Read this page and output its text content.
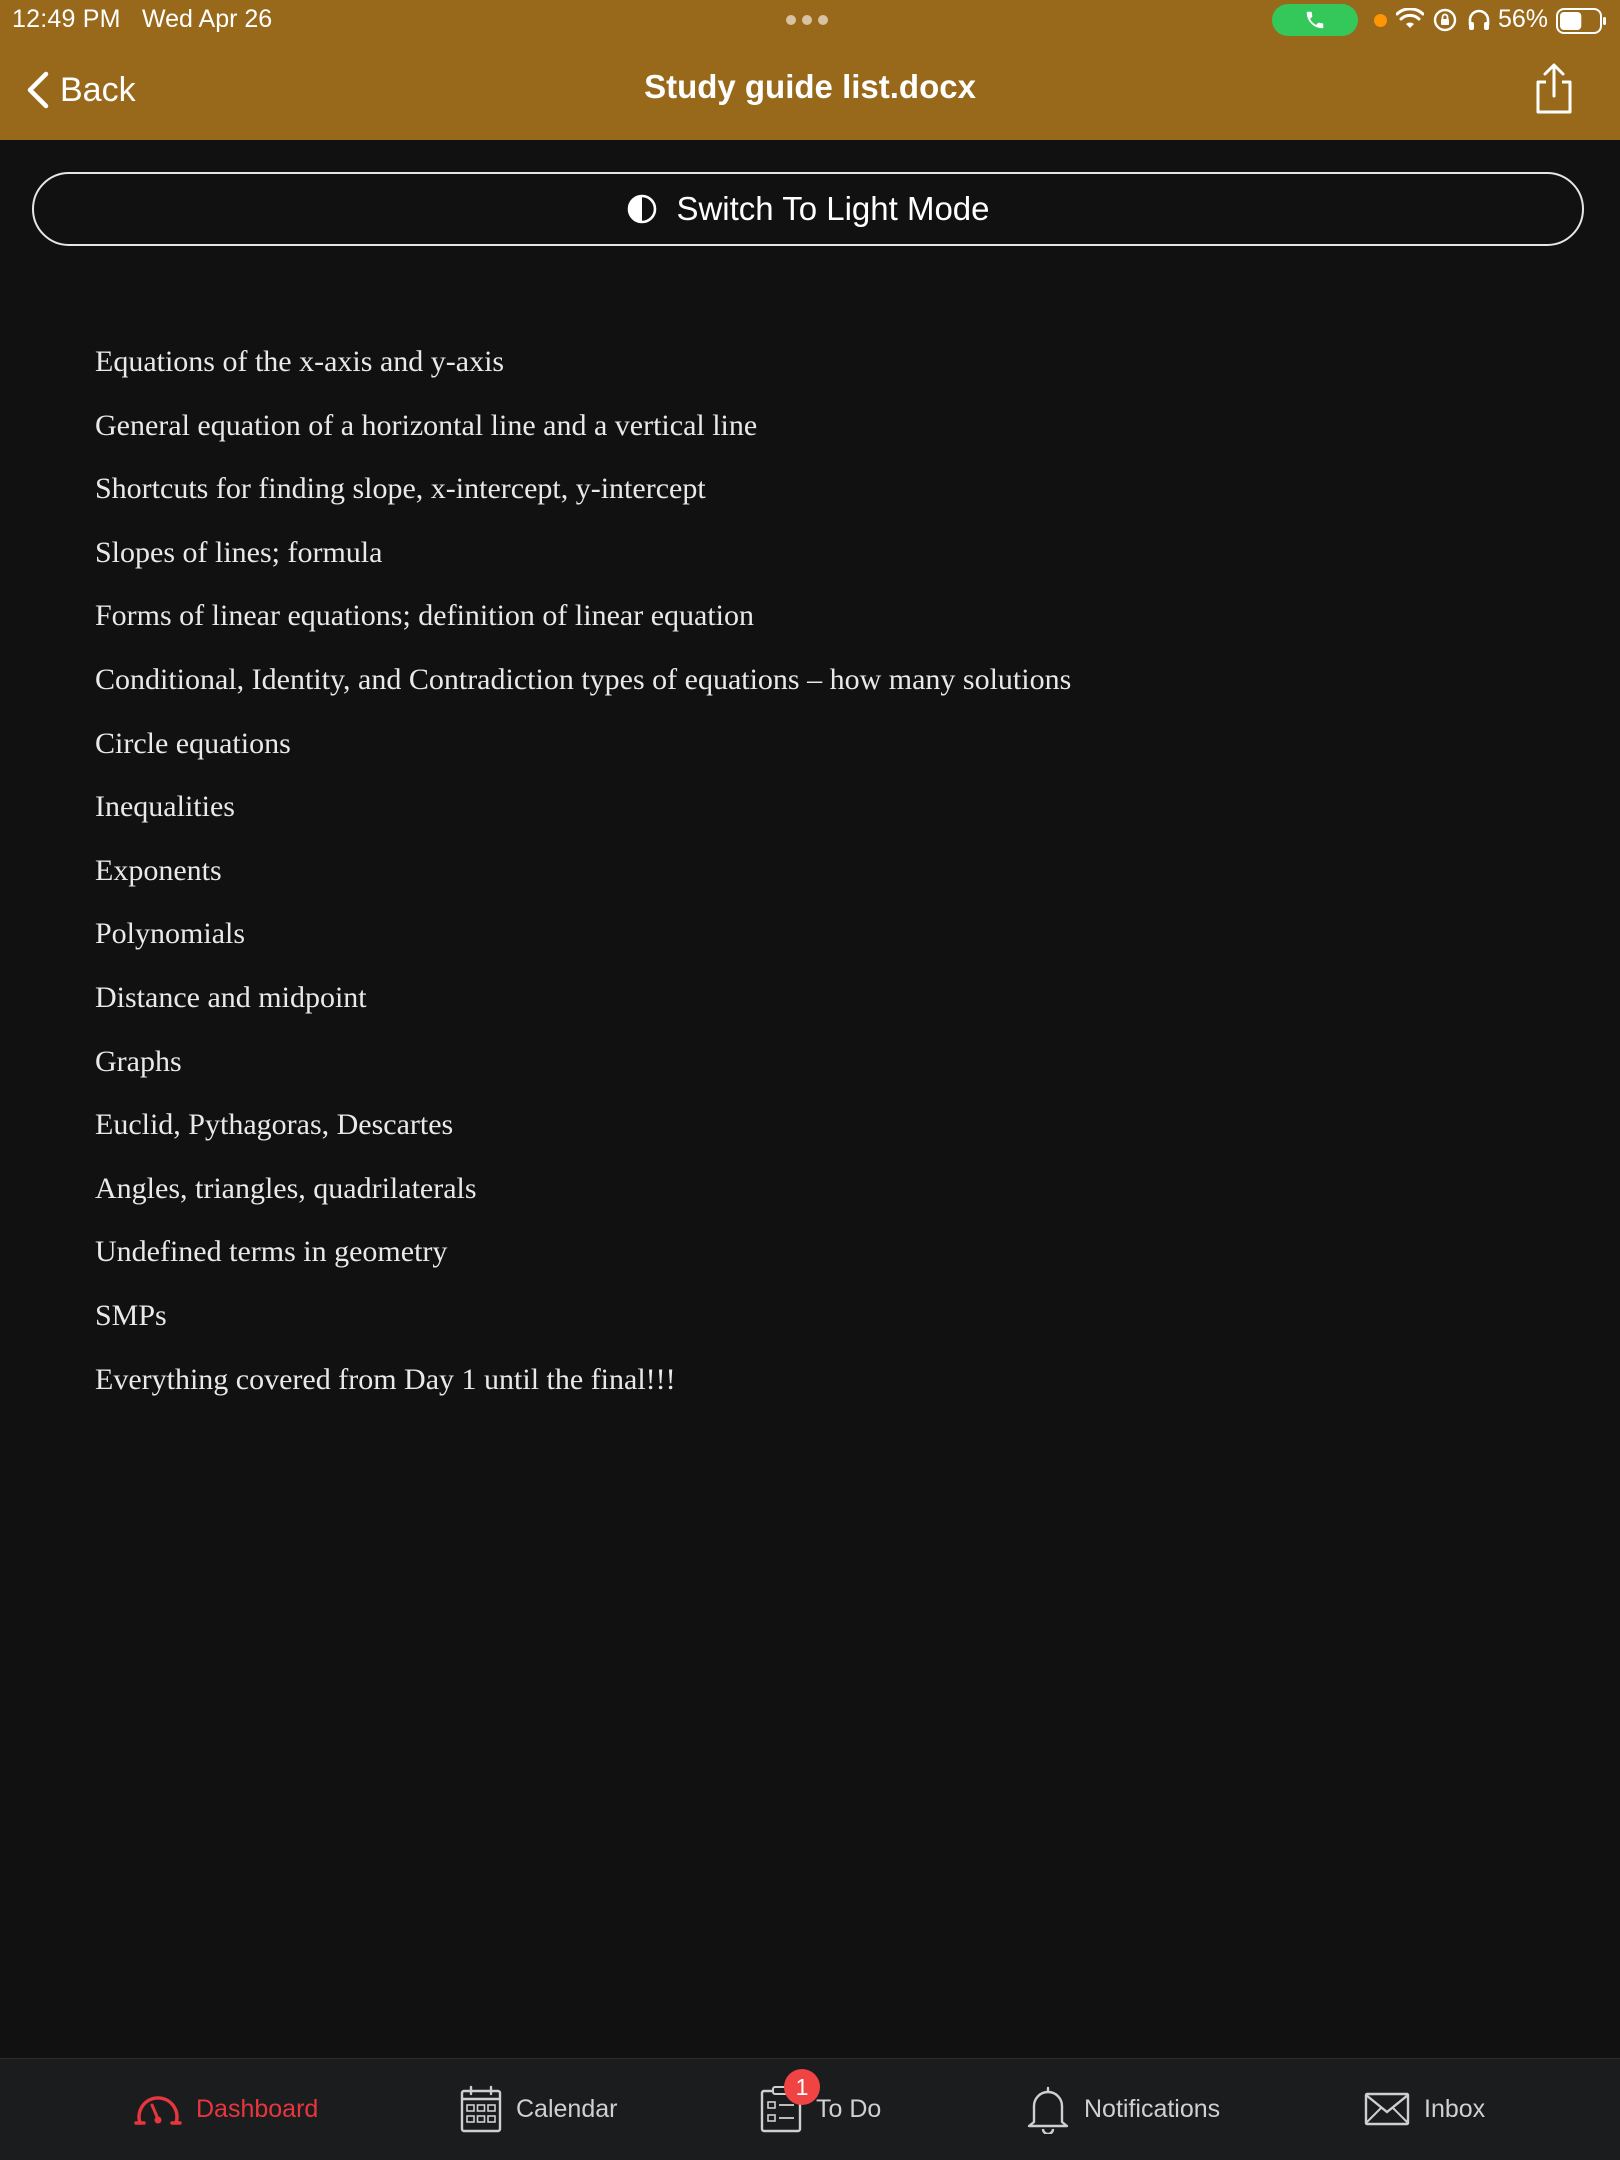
12:49 PM Wed Apr 26	56%
Back	Study guide list.docx
Switch To Light Mode
Equations of the x-axis and y-axis
General equation of a horizontal line and a vertical line
Shortcuts for finding slope, x-intercept, y-intercept
Slopes of lines; formula
Forms of linear equations; definition of linear equation
Conditional, Identity, and Contradiction types of equations – how many solutions
Circle equations
Inequalities
Exponents
Polynomials
Distance and midpoint
Graphs
Euclid, Pythagoras, Descartes
Angles, triangles, quadrilaterals
Undefined terms in geometry
SMPs
Everything covered from Day 1 until the final!!!
Dashboard	Calendar
1
To Do	Notifications	Inbox
